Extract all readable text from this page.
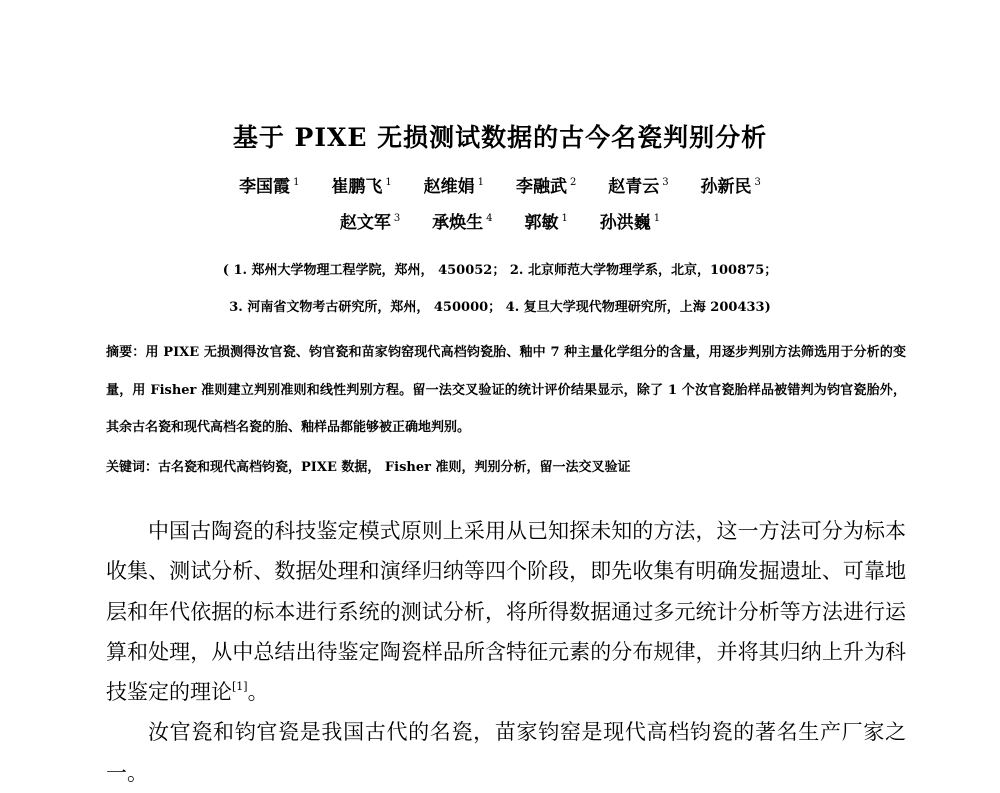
基于 PIXE 无损测试数据的古今名瓷判别分析
李国霞 $^1$ 崔鹏飞 $^1$ 赵维娟 $^1$ 李融武 $^2$ 赵青云 $^3$ 孙新民 $^3$
赵文军 $^3$ 承焕生 $^4$ 郭敏 $^1$ 孙洪巍 $^1$
( 1. 郑州大学物理工程学院，郑州， 450052； 2. 北京师范大学物理学系，北京，100875；
3. 河南省文物考古研究所，郑州， 450000； 4. 复旦大学现代物理研究所，上海 200433)
摘要：用 PIXE 无损测得汝官瓷、钧官瓷和苗家钧窑现代高档钧瓷胎、釉中 7 种主量化学组分的含量，用逐步判别方法筛选用于分析的变量，用 Fisher 准则建立判别准则和线性判别方程。留一法交叉验证的统计评价结果显示，除了 1 个汝官瓷胎样品被错判为钧官瓷胎外，其余古名瓷和现代高档名瓷的胎、釉样品都能够被正确地判别。
关键词：古名瓷和现代高档钧瓷，PIXE 数据， Fisher 准则，判别分析，留一法交叉验证

中国古陶瓷的科技鉴定模式原则上采用从已知探未知的方法，这一方法可分为标本收集、测试分析、数据处理和演绎归纳等四个阶段，即先收集有明确发掘遗址、可靠地层和年代依据的标本进行系统的测试分析，将所得数据通过多元统计分析等方法进行运算和处理，从中总结出待鉴定陶瓷样品所含特征元素的分布规律，并将其归纳上升为科技鉴定的理论[1]。

汝官瓷和钧官瓷是我国古代的名瓷，苗家钧窑是现代高档钧瓷的著名生产厂家之一。
